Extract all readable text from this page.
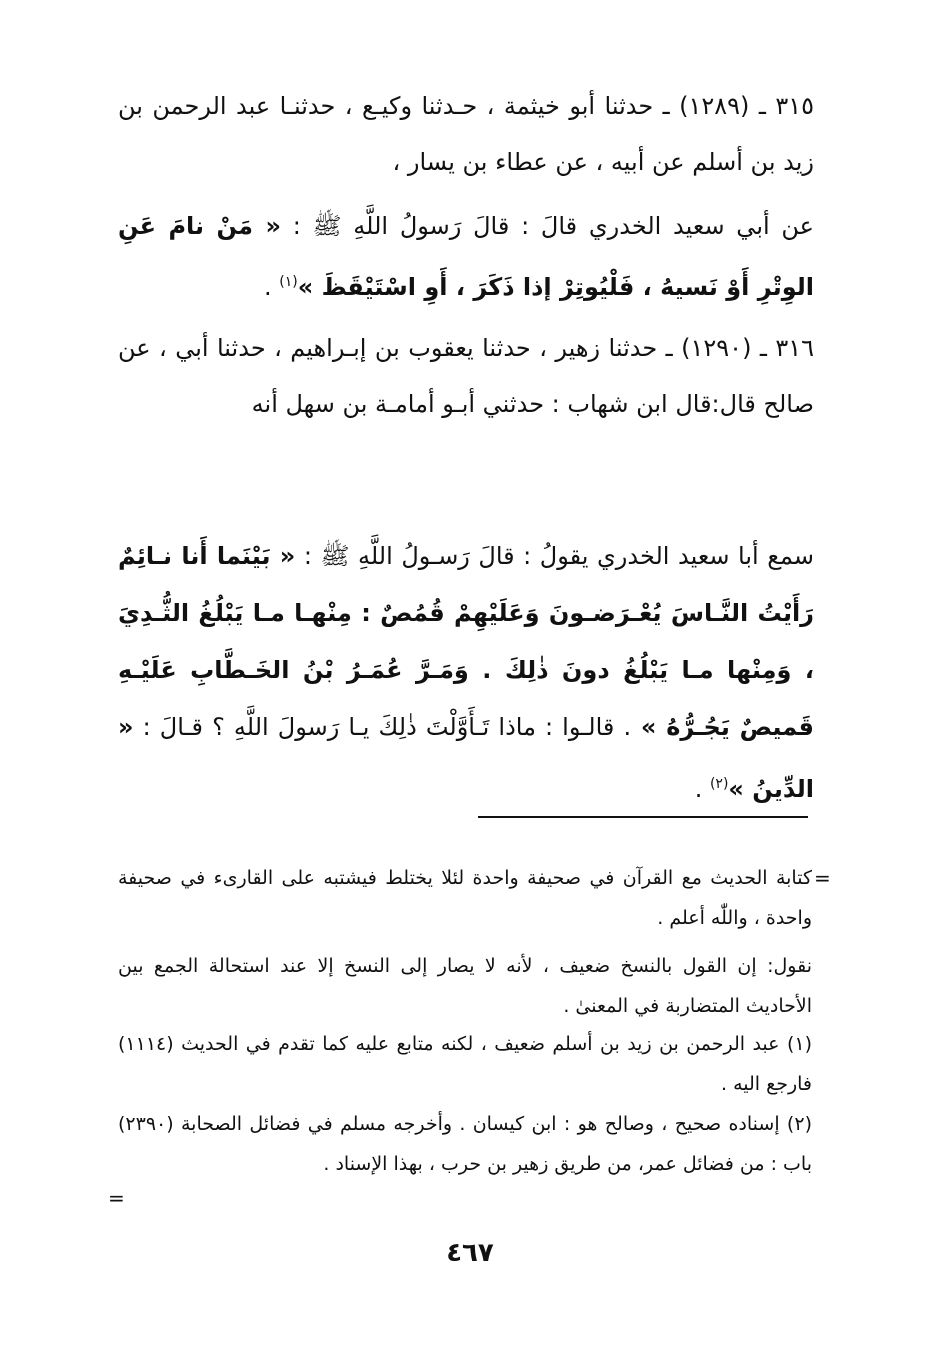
٣١٥ ـ (١٢٨٩) ـ حدثنا أبو خيثمة ، حـدثنا وكيـع ، حدثنـا عبد الرحمن بن زيد بن أسلم عن أبيه ، عن عطاء بن يسار ،

عن أبي سعيد الخدري قالَ : قالَ رَسولُ اللَّهِ ﷺ : « مَنْ نامَ عَنِ الوِتْرِ أَوْ نَسيهُ ، فَلْيُوتِرْ إذا ذَكَرَ ، أَوِ اسْتَيْقَظَ »$^{(١)}$ .

٣١٦ ـ (١٢٩٠) ـ حدثنا زهير ، حدثنا يعقوب بن إبـراهيم ، حدثنا أبي ، عن صالح قال:قال ابن شهاب : حدثني أبـو أمامـة بن سهل أنه

سمع أبا سعيد الخدري يقولُ : قالَ رَسـولُ اللَّهِ ﷺ : « بَيْنَما أَنا نـائِمٌ رَأَيْتُ النَّـاسَ يُعْـرَضـونَ وَعَلَيْهِمْ قُمُصٌ : مِنْهـا مـا يَبْلُغُ الثُّـدِيَ ، وَمِنْها مـا يَبْلُغُ دونَ ذٰلِكَ . وَمَـرَّ عُمَـرُ بْنُ الخَـطَّابِ عَلَيْـهِ قَميصٌ يَجُـرُّهُ » . قالـوا : ماذا تَـأَوَّلْتَ ذٰلِكَ يـا رَسولَ اللَّهِ ؟ قـالَ : « الدِّينُ »$^{(٢)}$ .

=

كتابة الحديث مع القرآن في صحيفة واحدة لئلا يختلط فيشتبه على القارىء في صحيفة واحدة ، واللّٰه أعلم .

نقول: إن القول بالنسخ ضعيف ، لأنه لا يصار إلى النسخ إلا عند استحالة الجمع بين الأحاديث المتضاربة في المعنىٰ .

(١) عبد الرحمن بن زيد بن أسلم ضعيف ، لكنه متابع عليه كما تقدم في الحديث (١١١٤) فارجع اليه .

(٢) إسناده صحيح ، وصالح هو : ابن كيسان . وأخرجه مسلم في فضائل الصحابة (٢٣٩٠) باب : من فضائل عمر، من طريق زهير بن حرب ، بهذا الإسناد .

=
٤٦٧
